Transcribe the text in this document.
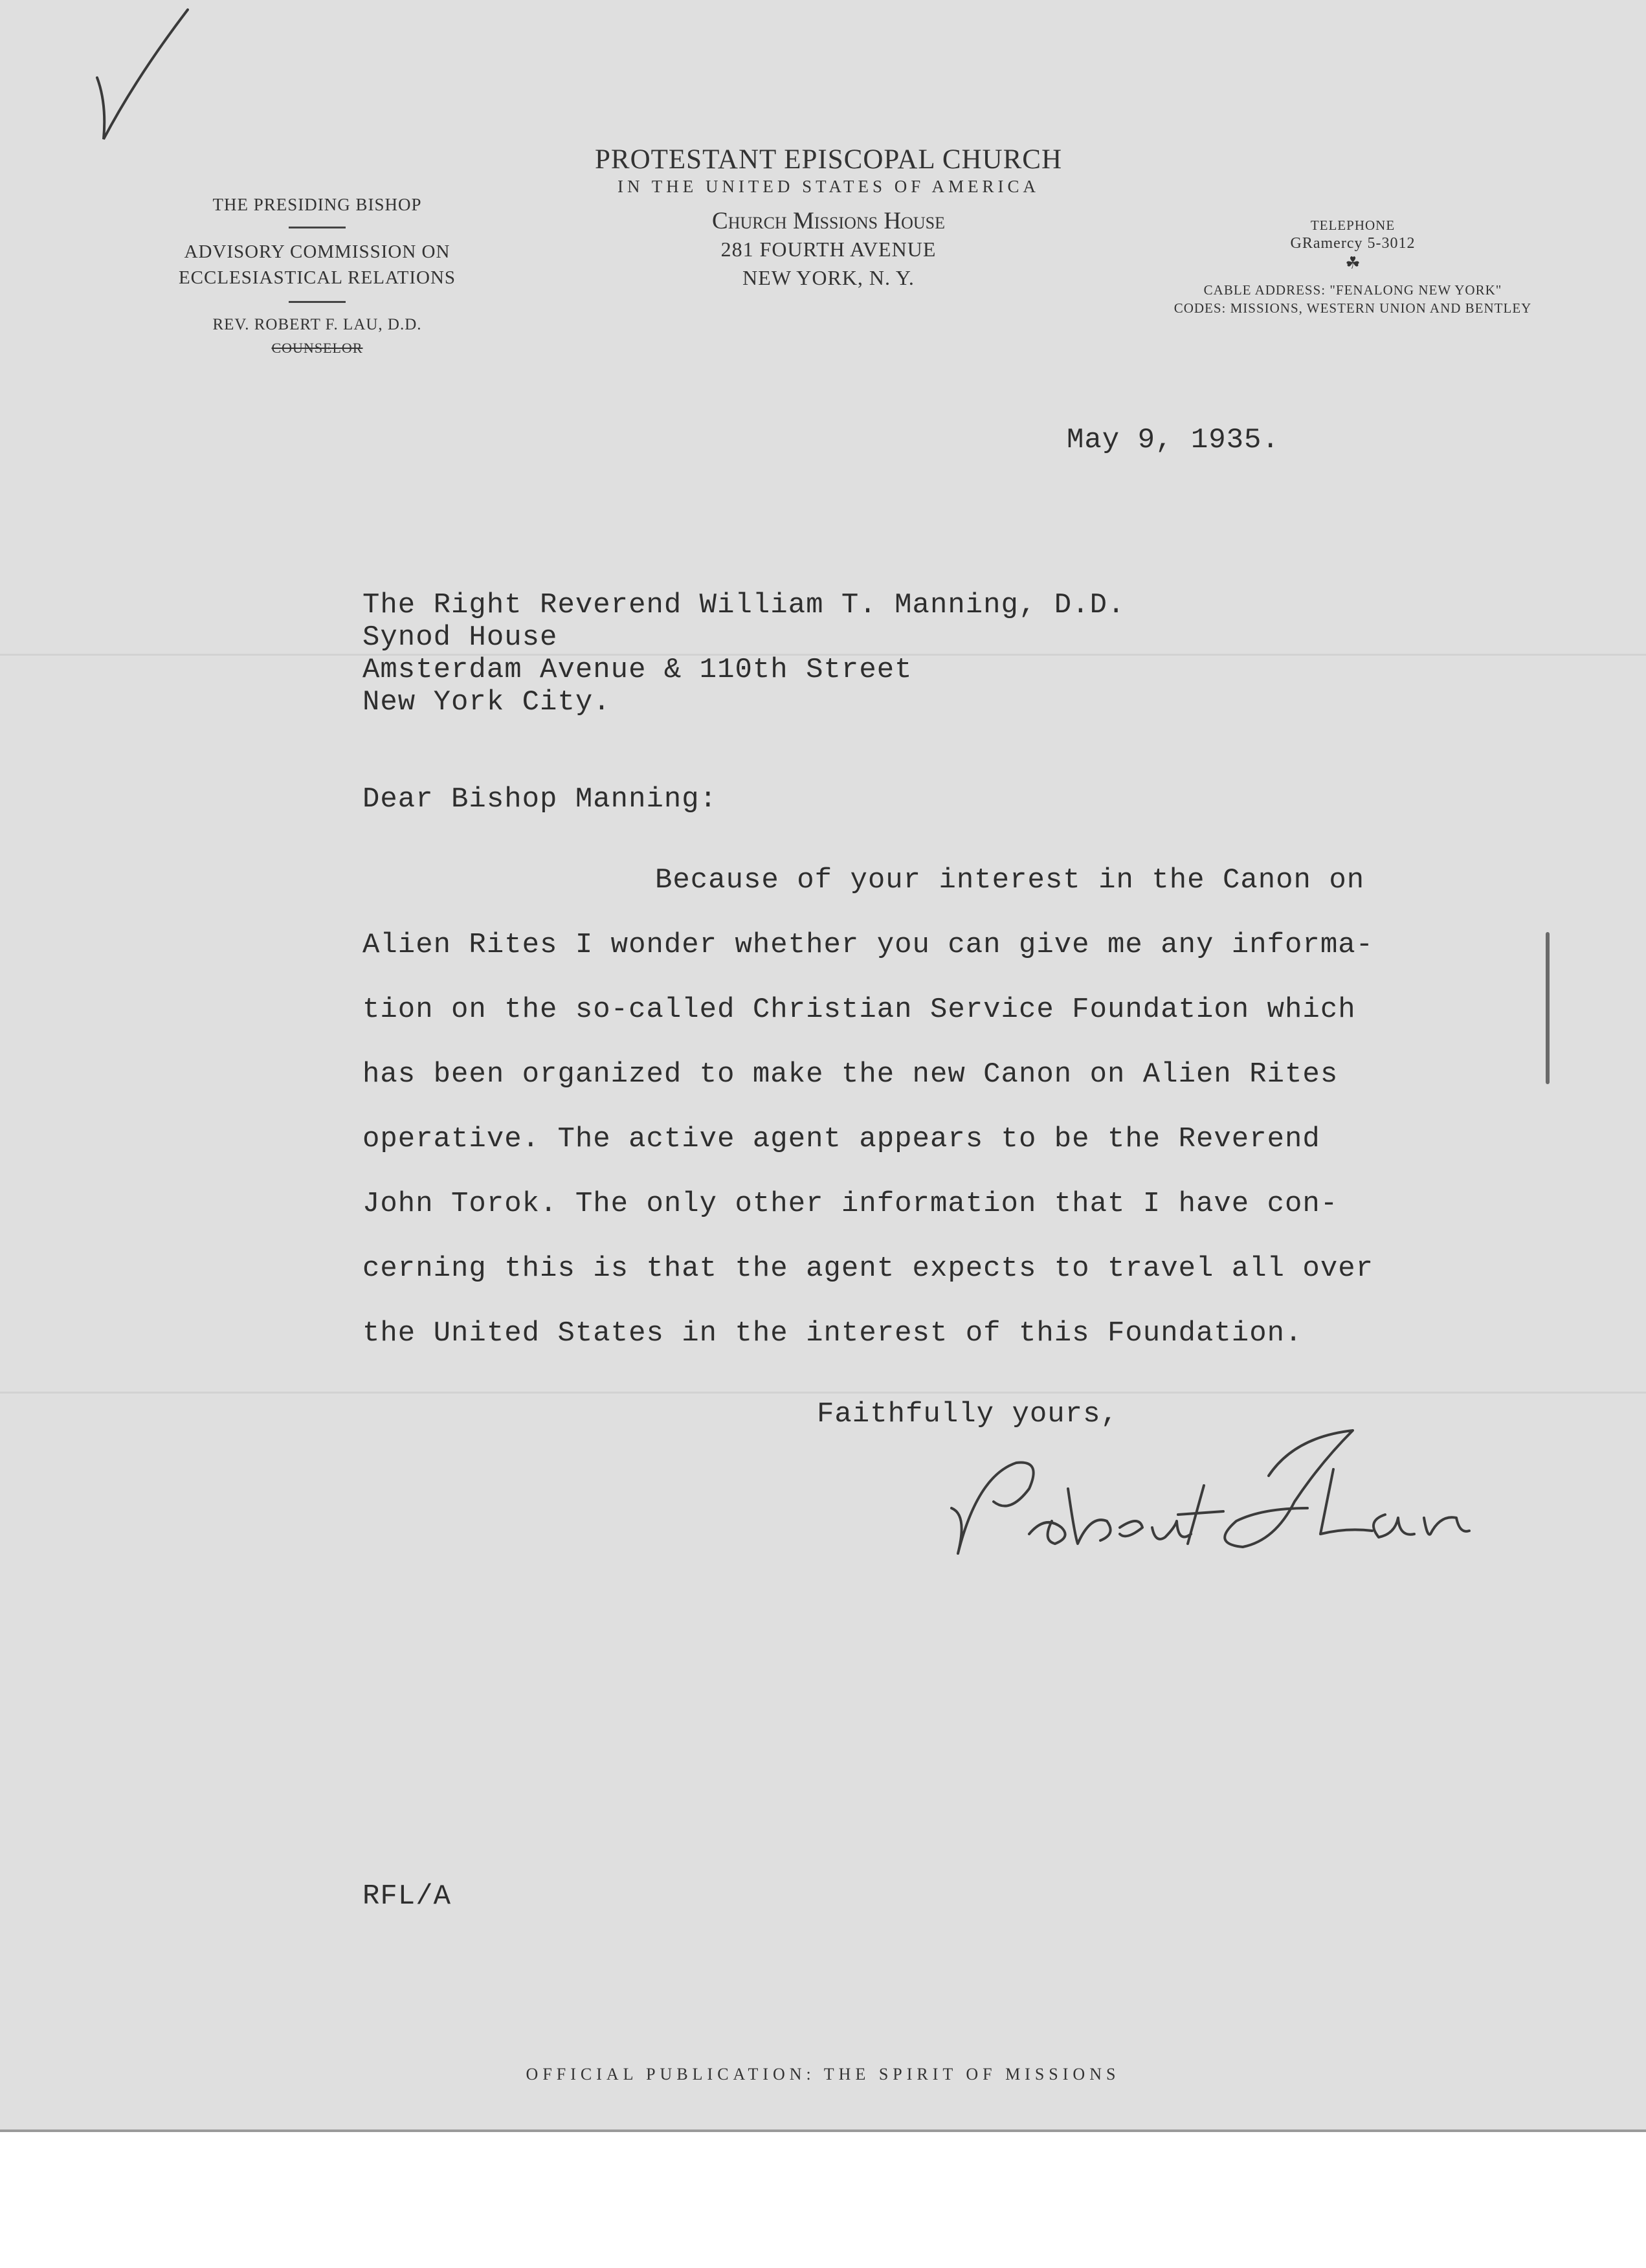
THE PRESIDING BISHOP
ADVISORY COMMISSION ON
ECCLESIASTICAL RELATIONS
REV. ROBERT F. LAU, D.D.
COUNSELOR
PROTESTANT EPISCOPAL CHURCH
IN THE UNITED STATES OF AMERICA
Church Missions House
281 FOURTH AVENUE
NEW YORK, N. Y.
TELEPHONE
GRamercy 5-3012
☘
CABLE ADDRESS: "FENALONG NEW YORK"
CODES: MISSIONS, WESTERN UNION AND BENTLEY
May 9, 1935.
The Right Reverend William T. Manning, D.D.
Synod House
Amsterdam Avenue & 110th Street
New York City.
Dear Bishop Manning:
Because of your interest in the Canon on
Alien Rites I wonder whether you can give me any informa-
tion on the so-called Christian Service Foundation which
has been organized to make the new Canon on Alien Rites
operative. The active agent appears to be the Reverend
John Torok. The only other information that I have con-
cerning this is that the agent expects to travel all over
the United States in the interest of this Foundation.
Faithfully yours,
RFL/A
OFFICIAL PUBLICATION: THE SPIRIT OF MISSIONS
